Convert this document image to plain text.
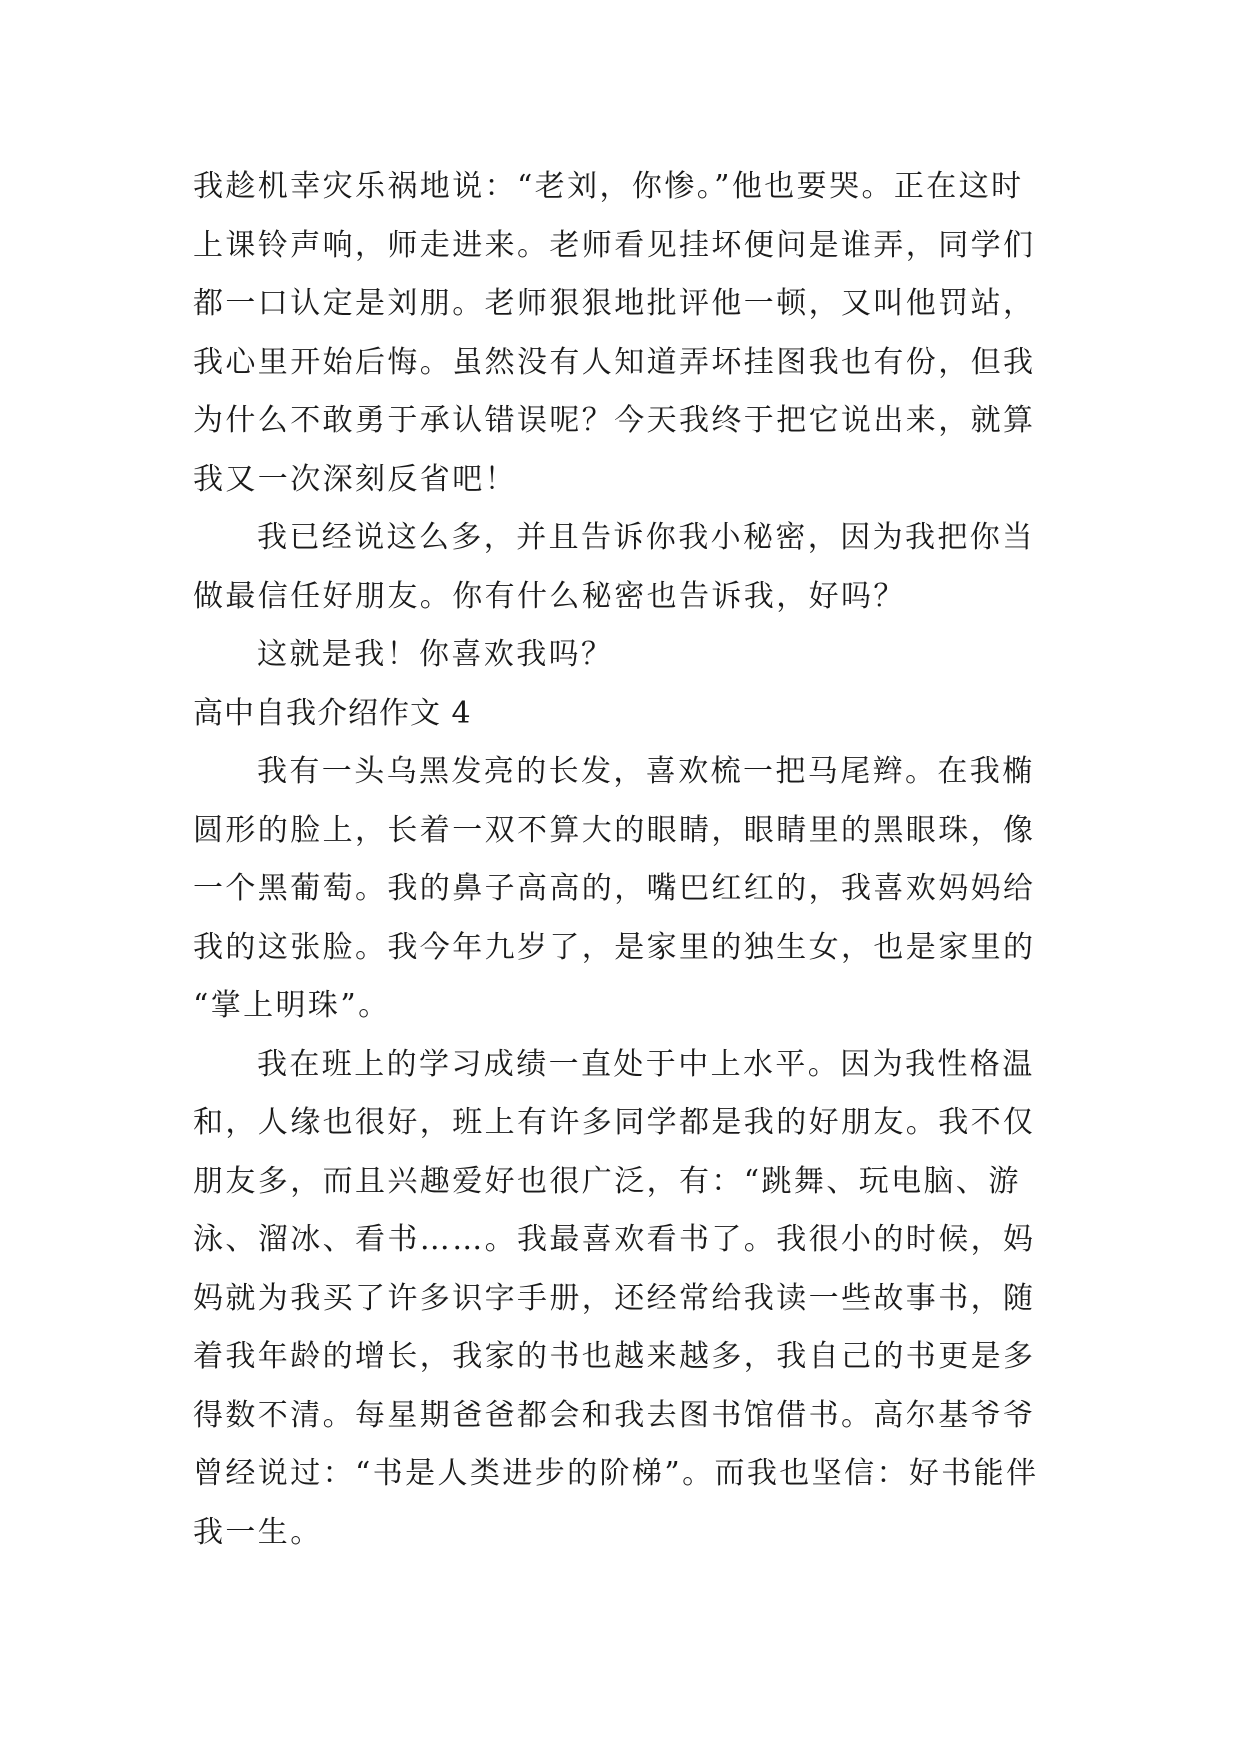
我趁机幸灾乐祸地说：“老刘，你惨。”他也要哭。正在这时
上课铃声响，师走进来。老师看见挂坏便问是谁弄，同学们
都一口认定是刘朋。老师狠狠地批评他一顿，又叫他罚站，
我心里开始后悔。虽然没有人知道弄坏挂图我也有份，但我
为什么不敢勇于承认错误呢？今天我终于把它说出来，就算
我又一次深刻反省吧！
我已经说这么多，并且告诉你我小秘密，因为我把你当
做最信任好朋友。你有什么秘密也告诉我，好吗？
这就是我！你喜欢我吗？
高中自我介绍作文 4
我有一头乌黑发亮的长发，喜欢梳一把马尾辫。在我椭
圆形的脸上，长着一双不算大的眼睛，眼睛里的黑眼珠，像
一个黑葡萄。我的鼻子高高的，嘴巴红红的，我喜欢妈妈给
我的这张脸。我今年九岁了，是家里的独生女，也是家里的
“掌上明珠”。
我在班上的学习成绩一直处于中上水平。因为我性格温
和，人缘也很好，班上有许多同学都是我的好朋友。我不仅
朋友多，而且兴趣爱好也很广泛，有：“跳舞、玩电脑、游
泳、溜冰、看书……。我最喜欢看书了。我很小的时候，妈
妈就为我买了许多识字手册，还经常给我读一些故事书，随
着我年龄的增长，我家的书也越来越多，我自己的书更是多
得数不清。每星期爸爸都会和我去图书馆借书。高尔基爷爷
曾经说过：“书是人类进步的阶梯”。而我也坚信：好书能伴
我一生。
